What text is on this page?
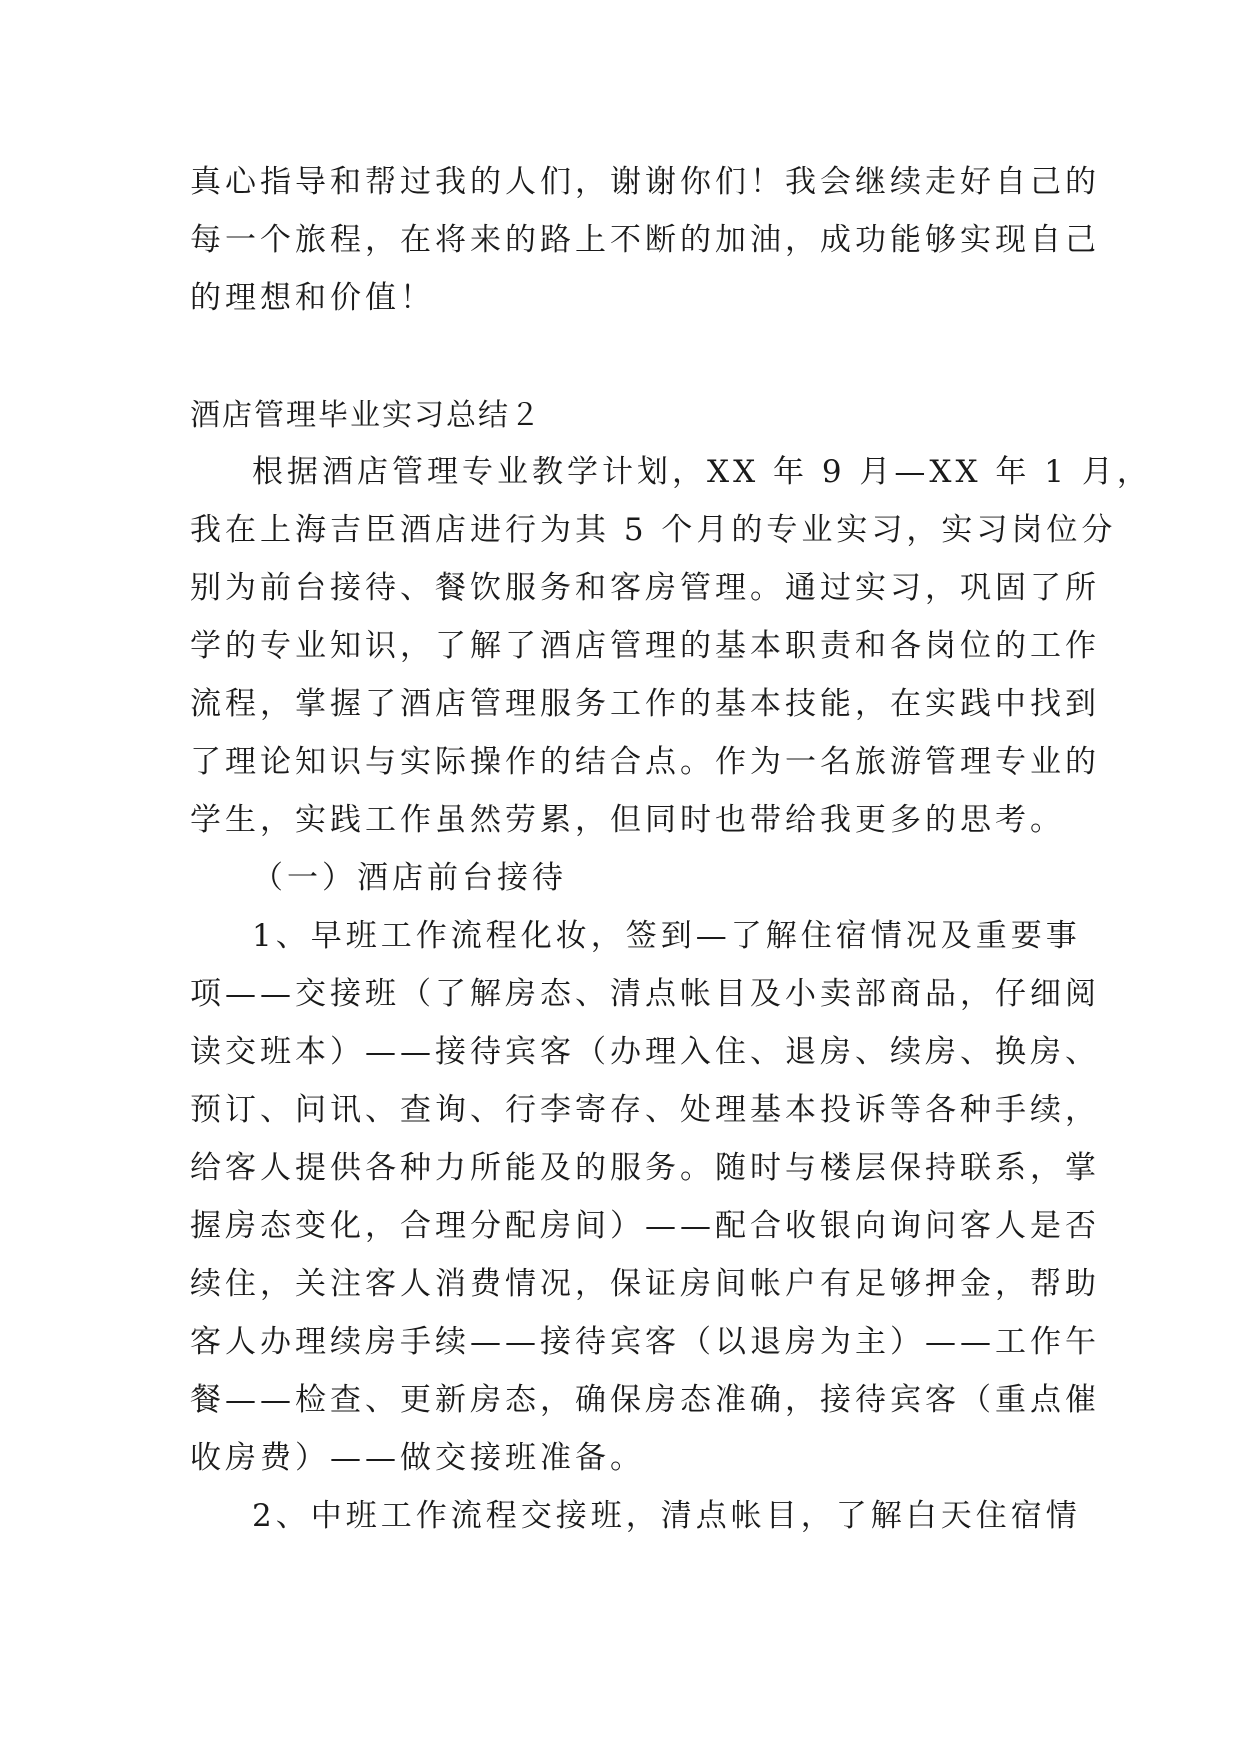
真心指导和帮过我的人们，谢谢你们！我会继续走好自己的
每一个旅程，在将来的路上不断的加油，成功能够实现自己
的理想和价值！
酒店管理毕业实习总结２
根据酒店管理专业教学计划，XX 年 9 月—XX 年 1 月，
我在上海吉臣酒店进行为其 5 个月的专业实习，实习岗位分
别为前台接待、餐饮服务和客房管理。通过实习，巩固了所
学的专业知识，了解了酒店管理的基本职责和各岗位的工作
流程，掌握了酒店管理服务工作的基本技能，在实践中找到
了理论知识与实际操作的结合点。作为一名旅游管理专业的
学生，实践工作虽然劳累，但同时也带给我更多的思考。
（一）酒店前台接待
1、早班工作流程化妆，签到—了解住宿情况及重要事
项——交接班（了解房态、清点帐目及小卖部商品，仔细阅
读交班本）——接待宾客（办理入住、退房、续房、换房、
预订、问讯、查询、行李寄存、处理基本投诉等各种手续，
给客人提供各种力所能及的服务。随时与楼层保持联系，掌
握房态变化，合理分配房间）——配合收银向询问客人是否
续住，关注客人消费情况，保证房间帐户有足够押金，帮助
客人办理续房手续——接待宾客（以退房为主）——工作午
餐——检查、更新房态，确保房态准确，接待宾客（重点催
收房费）——做交接班准备。
2、中班工作流程交接班，清点帐目，了解白天住宿情
